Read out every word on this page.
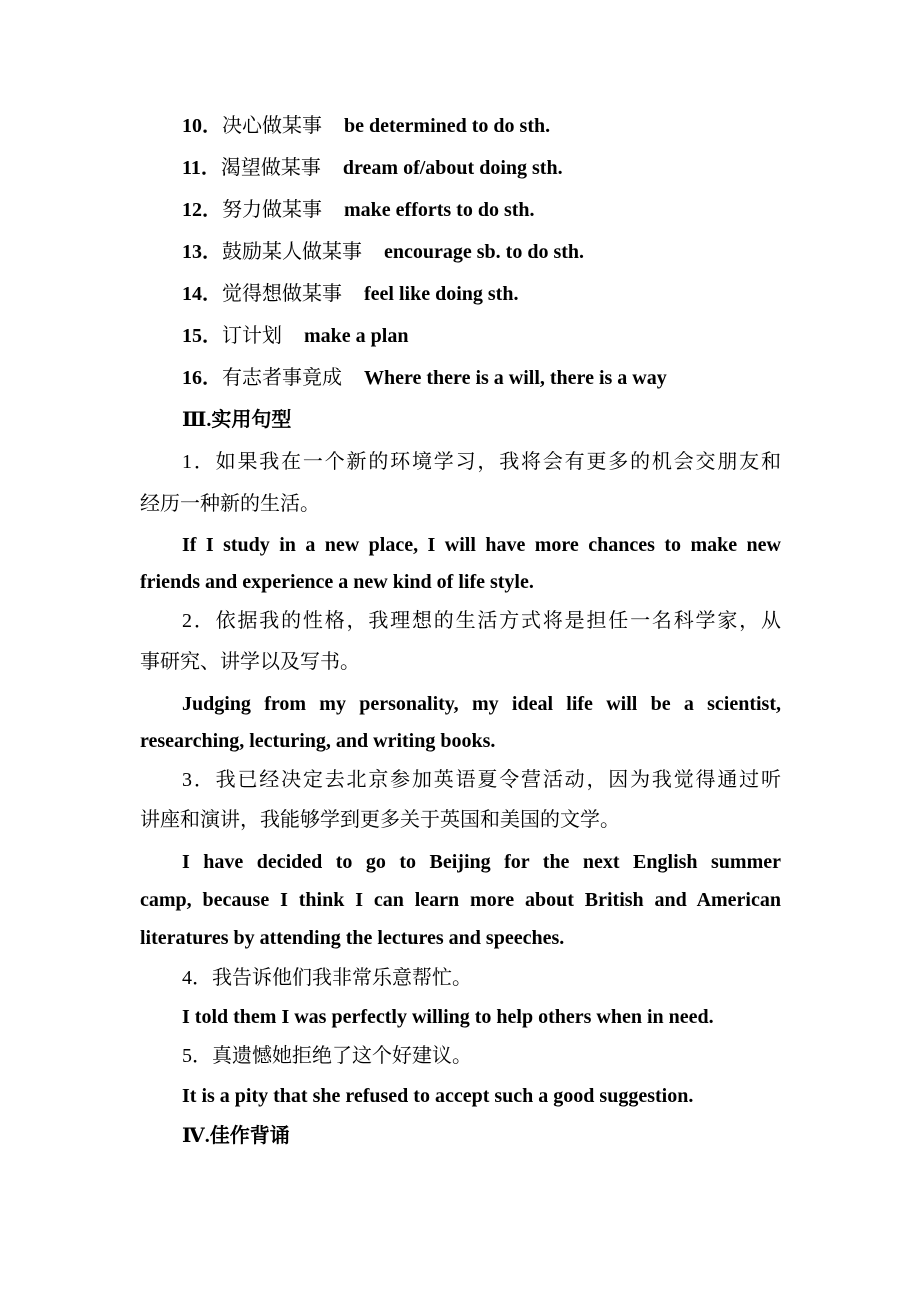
10．决心做某事 be determined to do sth.
11．渴望做某事 dream of/about doing sth.
12．努力做某事 make efforts to do sth.
13．鼓励某人做某事 encourage sb. to do sth.
14．觉得想做某事 feel like doing sth.
15．订计划 make a plan
16．有志者事竟成 Where there is a will, there is a way
Ⅲ.实用句型
1．如果我在一个新的环境学习，我将会有更多的机会交朋友和
经历一种新的生活。
If I study in a new place, I will have more chances to make new
friends and experience a new kind of life style.
2．依据我的性格，我理想的生活方式将是担任一名科学家，从
事研究、讲学以及写书。
Judging from my personality, my ideal life will be a scientist,
researching, lecturing, and writing books.
3．我已经决定去北京参加英语夏令营活动，因为我觉得通过听
讲座和演讲，我能够学到更多关于英国和美国的文学。
I have decided to go to Beijing for the next English summer
camp, because I think I can learn more about British and American
literatures by attending the lectures and speeches.
4．我告诉他们我非常乐意帮忙。
I told them I was perfectly willing to help others when in need.
5．真遗憾她拒绝了这个好建议。
It is a pity that she refused to accept such a good suggestion.
Ⅳ.佳作背诵
